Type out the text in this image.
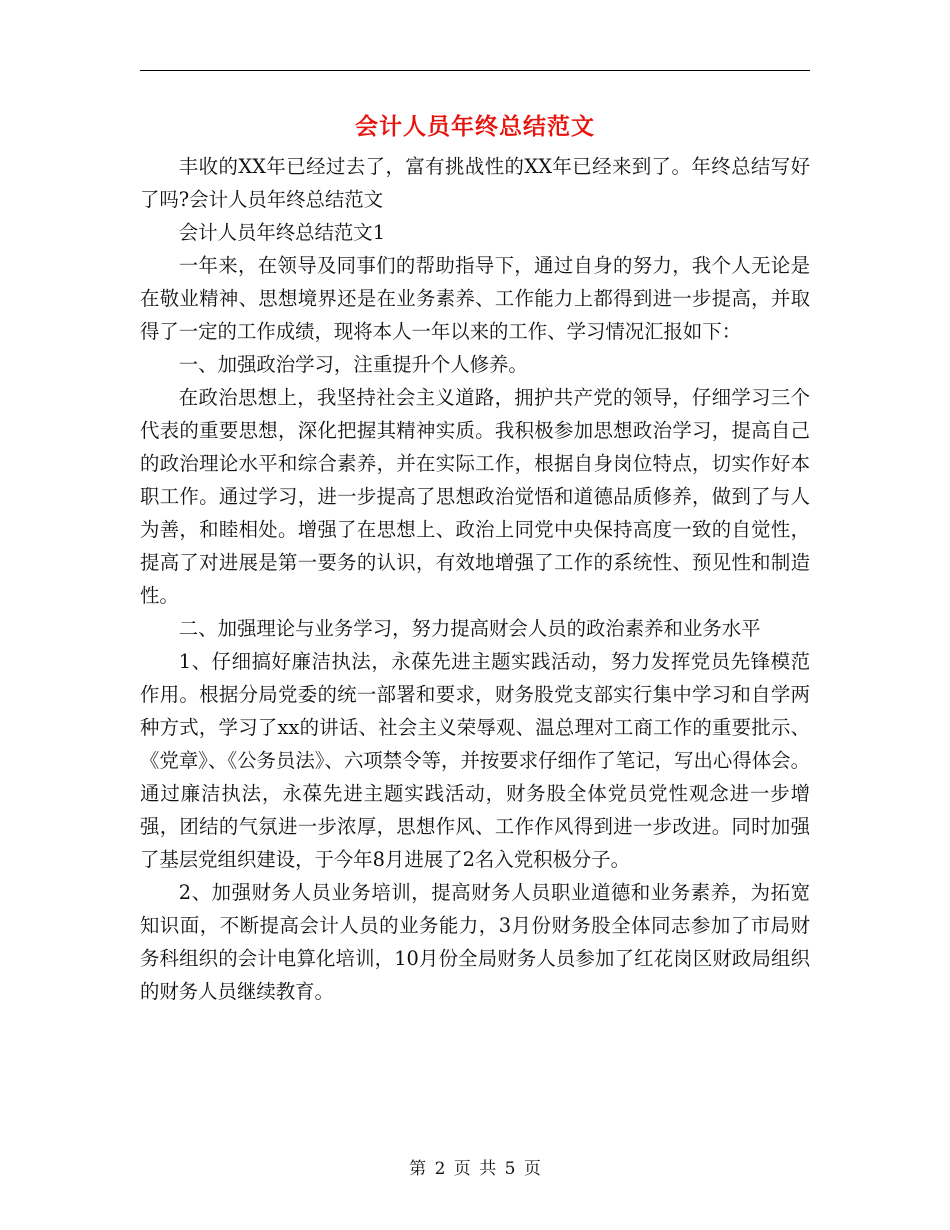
会计人员年终总结范文

丰收的XX年已经过去了，富有挑战性的XX年已经来到了。年终总结写好了吗?会计人员年终总结范文

会计人员年终总结范文1

一年来，在领导及同事们的帮助指导下，通过自身的努力，我个人无论是在敬业精神、思想境界还是在业务素养、工作能力上都得到进一步提高，并取得了一定的工作成绩，现将本人一年以来的工作、学习情况汇报如下：

一、加强政治学习，注重提升个人修养。

在政治思想上，我坚持社会主义道路，拥护共产党的领导，仔细学习三个代表的重要思想，深化把握其精神实质。我积极参加思想政治学习，提高自己的政治理论水平和综合素养，并在实际工作，根据自身岗位特点，切实作好本职工作。通过学习，进一步提高了思想政治觉悟和道德品质修养，做到了与人为善，和睦相处。增强了在思想上、政治上同党中央保持高度一致的自觉性，提高了对进展是第一要务的认识，有效地增强了工作的系统性、预见性和制造性。

二、加强理论与业务学习，努力提高财会人员的政治素养和业务水平

1、仔细搞好廉洁执法，永葆先进主题实践活动，努力发挥党员先锋模范作用。根据分局党委的统一部署和要求，财务股党支部实行集中学习和自学两种方式，学习了xx的讲话、社会主义荣辱观、温总理对工商工作的重要批示、《党章》、《公务员法》、六项禁令等，并按要求仔细作了笔记，写出心得体会。通过廉洁执法，永葆先进主题实践活动，财务股全体党员党性观念进一步增强，团结的气氛进一步浓厚，思想作风、工作作风得到进一步改进。同时加强了基层党组织建设，于今年8月进展了2名入党积极分子。

2、加强财务人员业务培训，提高财务人员职业道德和业务素养，为拓宽知识面，不断提高会计人员的业务能力，3月份财务股全体同志参加了市局财务科组织的会计电算化培训，10月份全局财务人员参加了红花岗区财政局组织的财务人员继续教育。

第 2 页 共 5 页
